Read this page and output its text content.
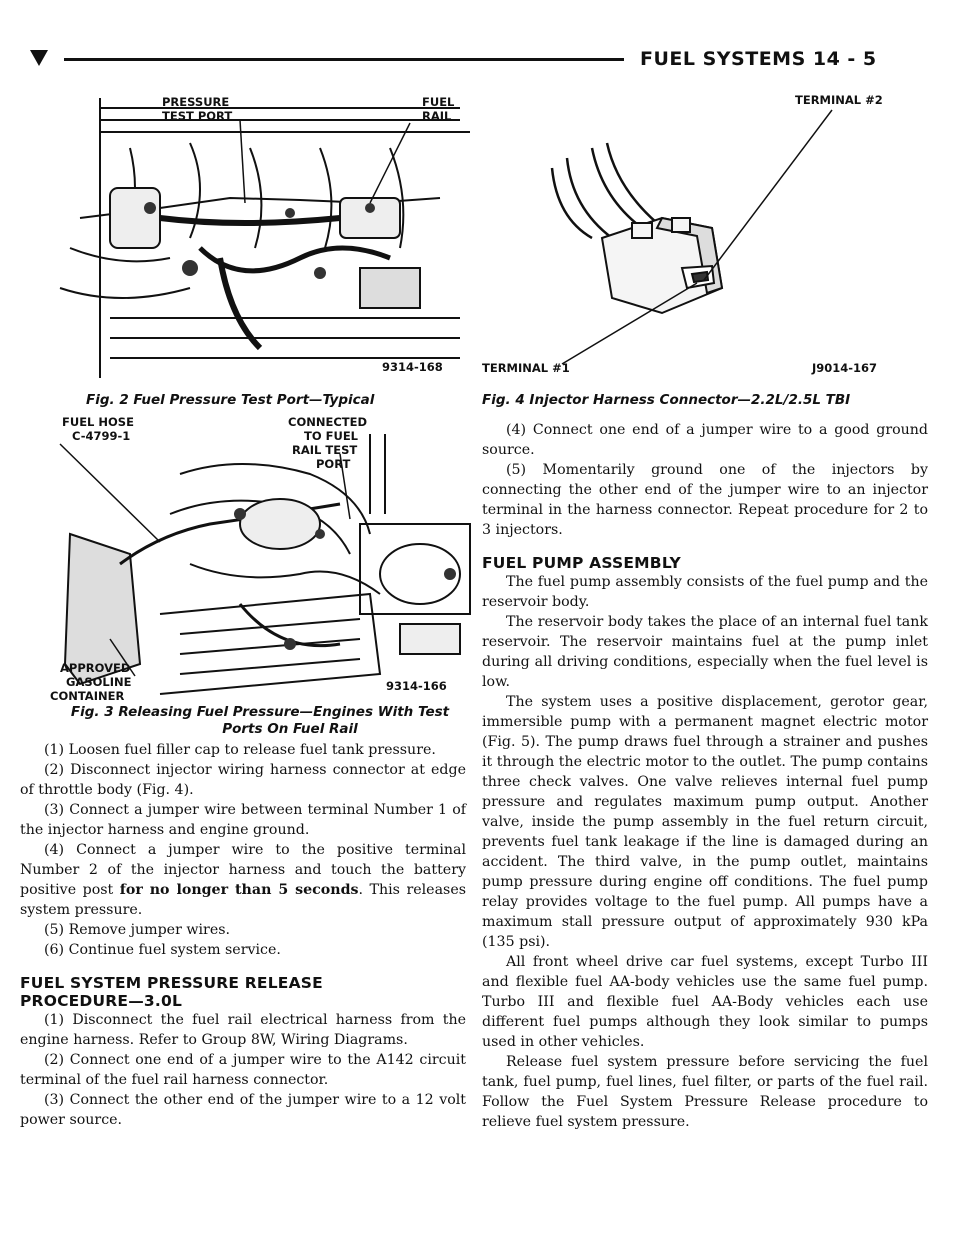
FUEL SYSTEMS 14 - 5
PRESSURE
TEST PORT
FUEL
RAIL
9314-168
Fig. 2 Fuel Pressure Test Port—Typical
TERMINAL #2
TERMINAL #1	J9014-167
Fig. 4 Injector Harness Connector—2.2L/2.5L TBI
FUEL HOSE
C-4799-1
CONNECTED
TO FUEL
RAIL TEST
PORT
APPROVED
GASOLINE
CONTAINER
9314-166
Fig. 3 Releasing Fuel Pressure—Engines With Test
Ports On Fuel Rail

(1) Loosen fuel filler cap to release fuel tank pressure.

(2) Disconnect injector wiring harness connector at edge of throttle body (Fig. 4).

(3) Connect a jumper wire between terminal Number 1 of the injector harness and engine ground.

(4) Connect a jumper wire to the positive terminal Number 2 of the injector harness and touch the battery positive post for no longer than 5 seconds. This releases system pressure.

(5) Remove jumper wires.

(6) Continue fuel system service.

FUEL SYSTEM PRESSURE RELEASE
PROCEDURE—3.0L

(1) Disconnect the fuel rail electrical harness from the engine harness. Refer to Group 8W, Wiring Diagrams.

(2) Connect one end of a jumper wire to the A142 circuit terminal of the fuel rail harness connector.

(3) Connect the other end of the jumper wire to a 12 volt power source.

(4) Connect one end of a jumper wire to a good ground source.

(5) Momentarily ground one of the injectors by connecting the other end of the jumper wire to an injector terminal in the harness connector. Repeat procedure for 2 to 3 injectors.

FUEL PUMP ASSEMBLY

The fuel pump assembly consists of the fuel pump and the reservoir body.

The reservoir body takes the place of an internal fuel tank reservoir. The reservoir maintains fuel at the pump inlet during all driving conditions, especially when the fuel level is low.

The system uses a positive displacement, gerotor gear, immersible pump with a permanent magnet electric motor (Fig. 5). The pump draws fuel through a strainer and pushes it through the electric motor to the outlet. The pump contains three check valves. One valve relieves internal fuel pump pressure and regulates maximum pump output. Another valve, inside the pump assembly in the fuel return circuit, prevents fuel tank leakage if the line is damaged during an accident. The third valve, in the pump outlet, maintains pump pressure during engine off conditions. The fuel pump relay provides voltage to the fuel pump. All pumps have a maximum stall pressure output of approximately 930 kPa (135 psi).

All front wheel drive car fuel systems, except Turbo III and flexible fuel AA-body vehicles use the same fuel pump. Turbo III and flexible fuel AA-Body vehicles each use different fuel pumps although they look similar to pumps used in other vehicles.

Release fuel system pressure before servicing the fuel tank, fuel pump, fuel lines, fuel filter, or parts of the fuel rail. Follow the Fuel System Pressure Release procedure to relieve fuel system pressure.
